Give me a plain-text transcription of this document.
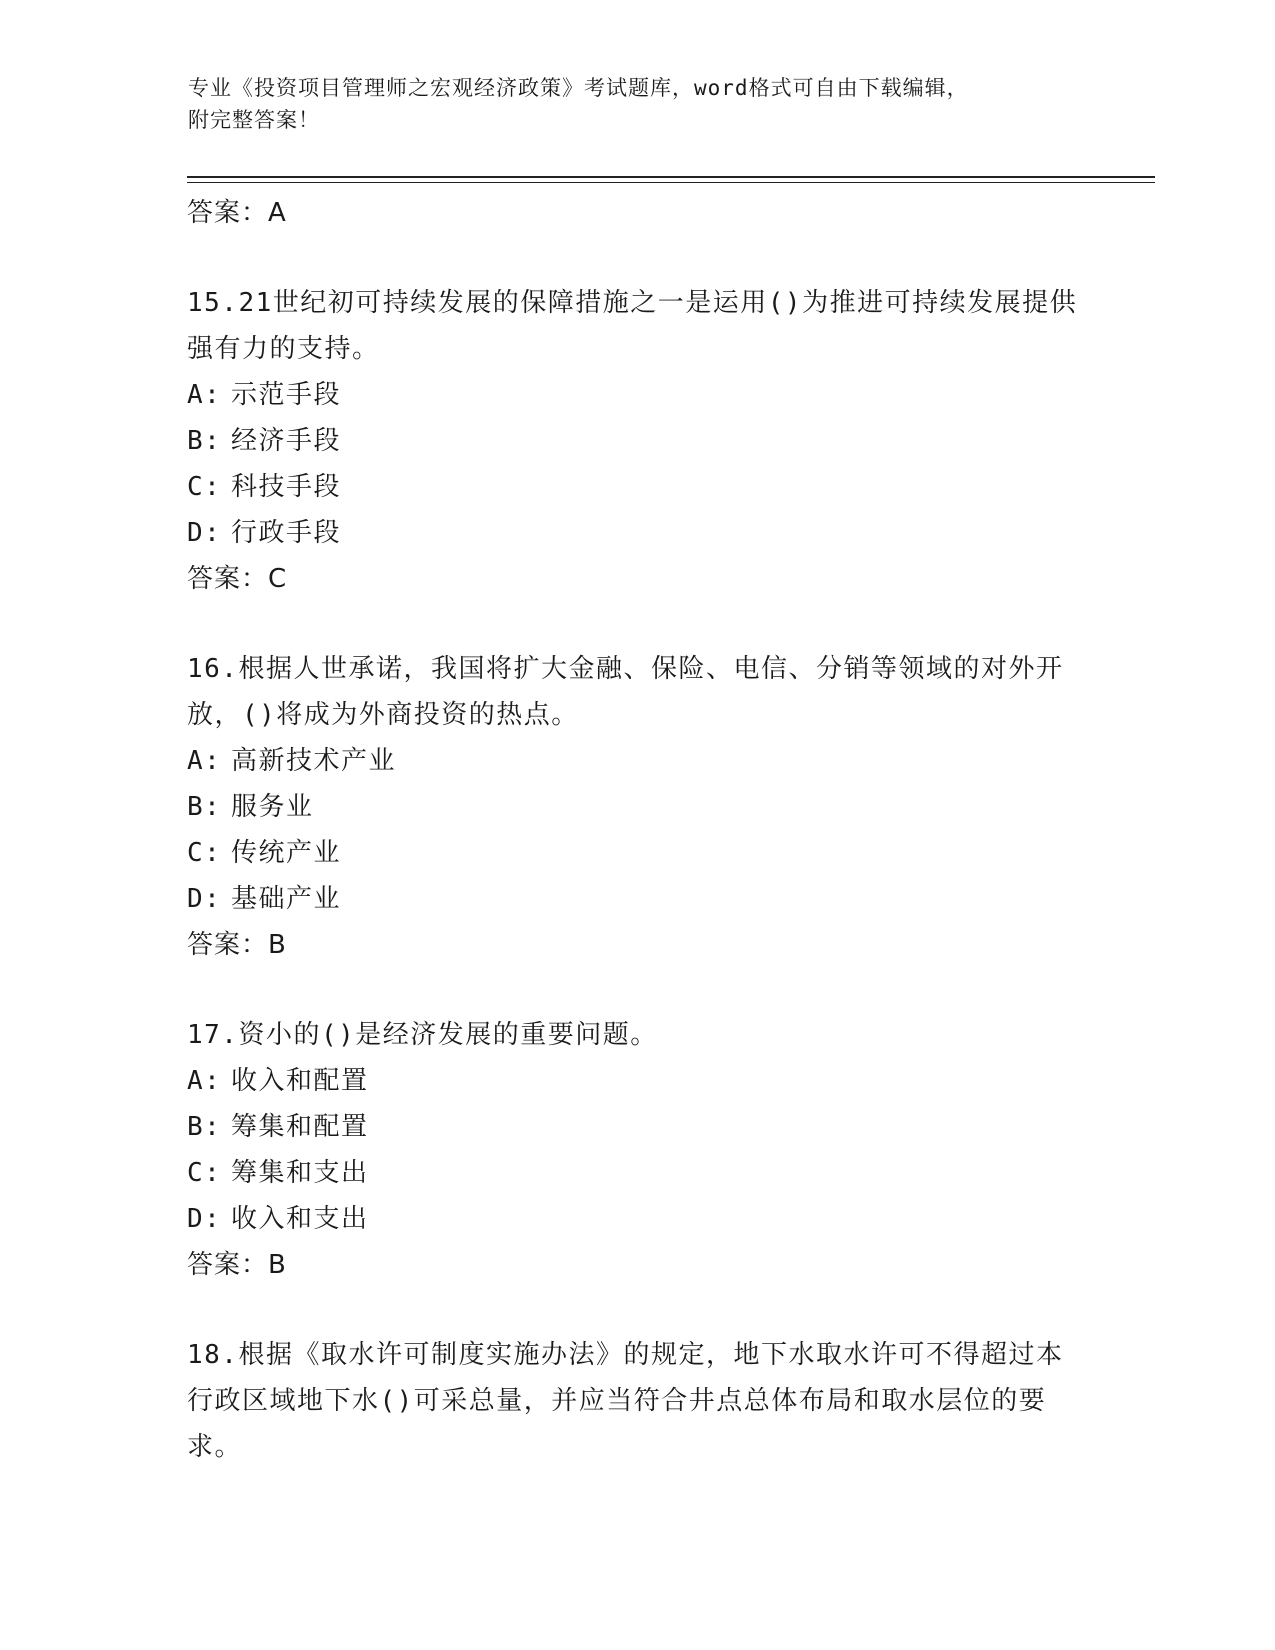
专业《投资项目管理师之宏观经济政策》考试题库，word格式可自由下载编辑，
附完整答案！
答案：A
15.21世纪初可持续发展的保障措施之一是运用()为推进可持续发展提供强有力的支持。
A: 示范手段
B: 经济手段
C: 科技手段
D: 行政手段
答案：C
16.根据人世承诺，我国将扩大金融、保险、电信、分销等领域的对外开放，()将成为外商投资的热点。
A: 高新技术产业
B: 服务业
C: 传统产业
D: 基础产业
答案：B
17.资小的()是经济发展的重要问题。
A: 收入和配置
B: 筹集和配置
C: 筹集和支出
D: 收入和支出
答案：B
18.根据《取水许可制度实施办法》的规定，地下水取水许可不得超过本行政区域地下水()可采总量，并应当符合井点总体布局和取水层位的要求。
